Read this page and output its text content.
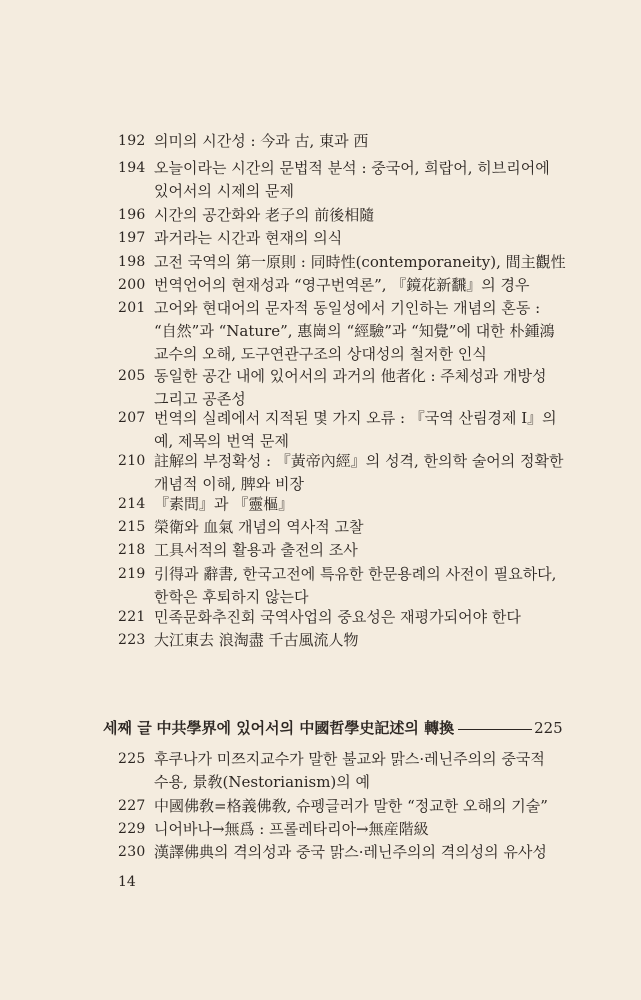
192 의미의 시간성 : 今과 古, 東과 西
194 오늘이라는 시간의 문법적 분석 : 중국어, 희랍어, 히브리어에
있어서의 시제의 문제
196 시간의 공간화와 老子의 前後相隨
197 과거라는 시간과 현재의 의식
198 고전 국역의 第一原則 : 同時性(contemporaneity), 間主觀性
200 번역언어의 현재성과 “영구번역론”, 『鏡花新飜』의 경우
201 고어와 현대어의 문자적 동일성에서 기인하는 개념의 혼동 :
“自然”과 “Nature”, 惠崗의 “經驗”과 “知覺”에 대한 朴鍾鴻
교수의 오해, 도구연관구조의 상대성의 철저한 인식
205 동일한 공간 내에 있어서의 과거의 他者化 : 주체성과 개방성
그리고 공존성
207 번역의 실례에서 지적된 몇 가지 오류 : 『국역 산림경제 Ⅰ』의
예, 제목의 번역 문제
210 註解의 부정확성 : 『黃帝內經』의 성격, 한의학 술어의 정확한
개념적 이해, 脾와 비장
214 『素問』과 『靈樞』
215 榮衛와 血氣 개념의 역사적 고찰
218 工具서적의 활용과 출전의 조사
219 引得과 辭書, 한국고전에 특유한 한문용례의 사전이 필요하다,
한학은 후퇴하지 않는다
221 민족문화추진회 국역사업의 중요성은 재평가되어야 한다
223 大江東去 浪淘盡 千古風流人物
세째 글 中共學界에 있어서의 中國哲學史記述의 轉換	225
225 후쿠나가 미쯔지교수가 말한 불교와 맑스·레닌주의의 중국적
수용, 景敎(Nestorianism)의 예
227 中國佛敎=格義佛敎, 슈펭글러가 말한 “정교한 오해의 기술”
229 니어바나→無爲 : 프롤레타리아→無産階級
230 漢譯佛典의 격의성과 중국 맑스·레닌주의의 격의성의 유사성
14
